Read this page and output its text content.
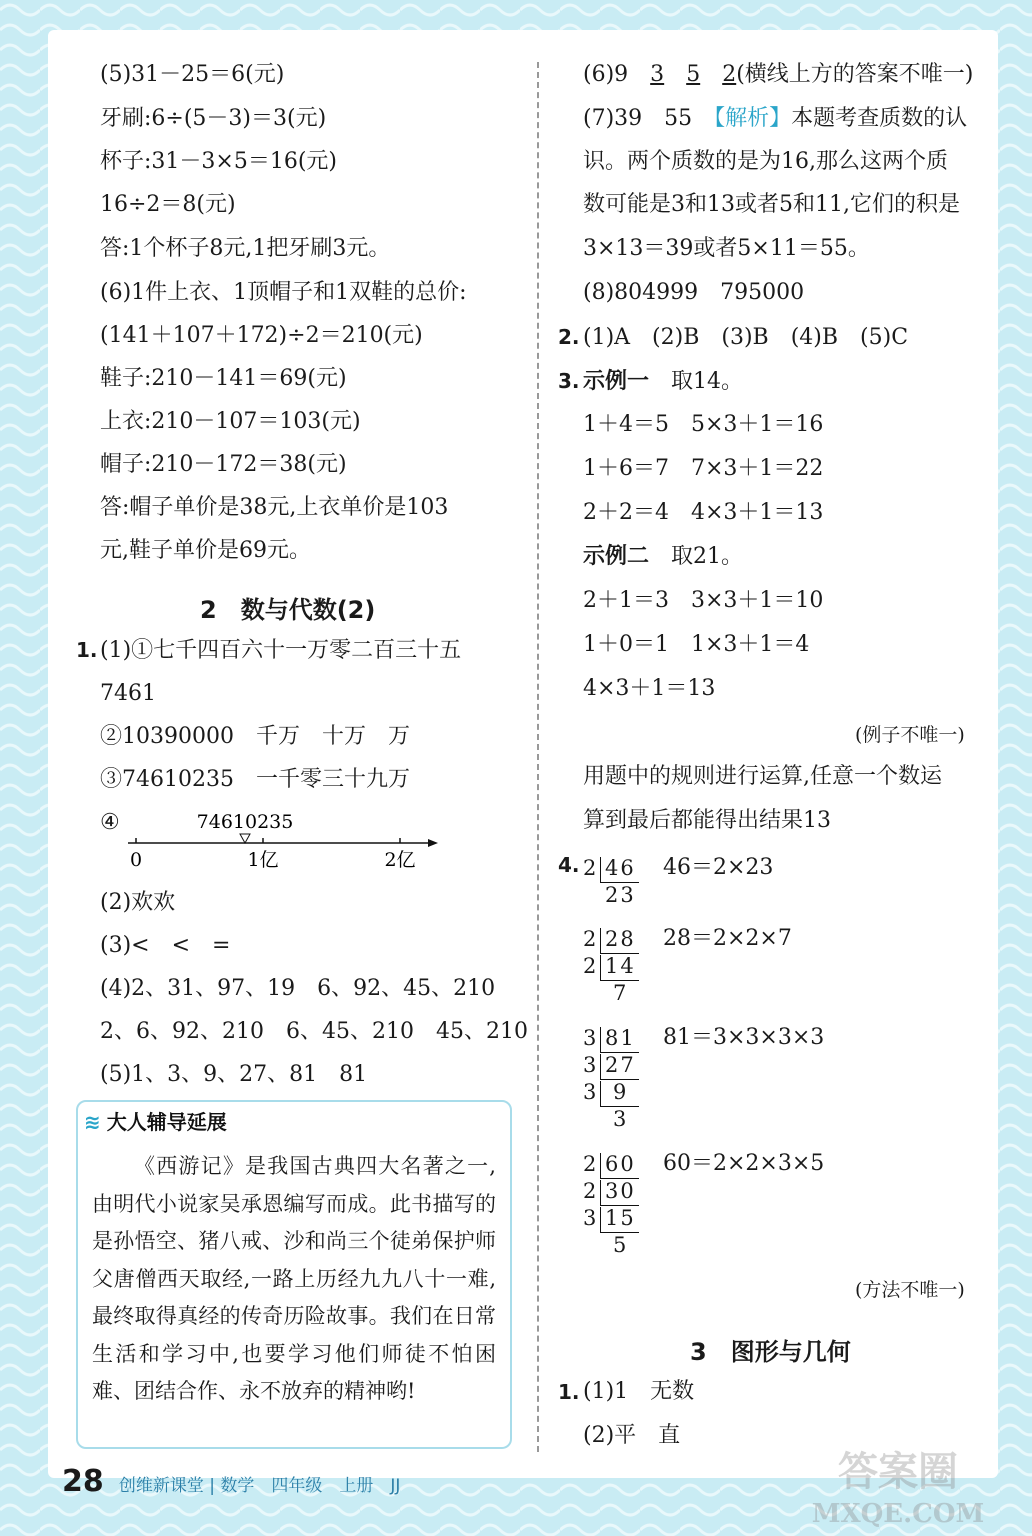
≋ 大人辅导延展
《西游记》是我国古典四大名著之一,由明代小说家吴承恩编写而成。此书描写的是孙悟空、猪八戒、沙和尚三个徒弟保护师父唐僧西天取经,一路上历经九九八十一难,最终取得真经的传奇历险故事。我们在日常生活和学习中,也要学习他们师徒不怕困难、团结合作、永不放弃的精神哟!
28 创维新课堂 | 数学　四年级　上册　JJ	答案圈
MXQE.COM
(5)31－25＝6(元)
牙刷:6÷(5－3)＝3(元)
杯子:31－3×5＝16(元)
16÷2＝8(元)
答:1个杯子8元,1把牙刷3元。
(6)1件上衣、1顶帽子和1双鞋的总价:
(141＋107＋172)÷2＝210(元)
鞋子:210－141＝69(元)
上衣:210－107＝103(元)
帽子:210－172＝38(元)
答:帽子单价是38元,上衣单价是103
元,鞋子单价是69元。
2　数与代数(2)
1. (1)①七千四百六十一万零二百三十五
7461
②10390000　千万　十万　万
③74610235　一千零三十九万
④
0	1亿	2亿
74610235
(2)欢欢
(3)<　<　=
(4)2、31、97、19　6、92、45、210
2、6、92、210　6、45、210　45、210
(5)1、3、9、27、81　81
(6)9　3　 5　 2(横线上方的答案不唯一)
(7)39　55　【解析】本题考查质数的认
识。两个质数的是为16,那么这两个质
数可能是3和13或者5和11,它们的积是
3×13＝39或者5×11＝55。
(8)804999　795000
2. (1)A　(2)B　(3)B　(4)B　(5)C
3. 示例一　取14。
1＋4＝5　5×3＋1＝16
1＋6＝7　7×3＋1＝22
2＋2＝4　4×3＋1＝13
示例二　取21。
2＋1＝3　3×3＋1＝10
1＋0＝1　1×3＋1＝4
4×3＋1＝13
(例子不唯一)
用题中的规则进行运算,任意一个数运
算到最后都能得出结果13
4. 2 46
23
46＝2×23
2 28
2 14
7
28＝2×2×7
3 81
3 27
3 9
3
81＝3×3×3×3
2 60
2 30
3 15
5
60＝2×2×3×5
(方法不唯一)
3　图形与几何
1. (1)1　无数
(2)平　直
